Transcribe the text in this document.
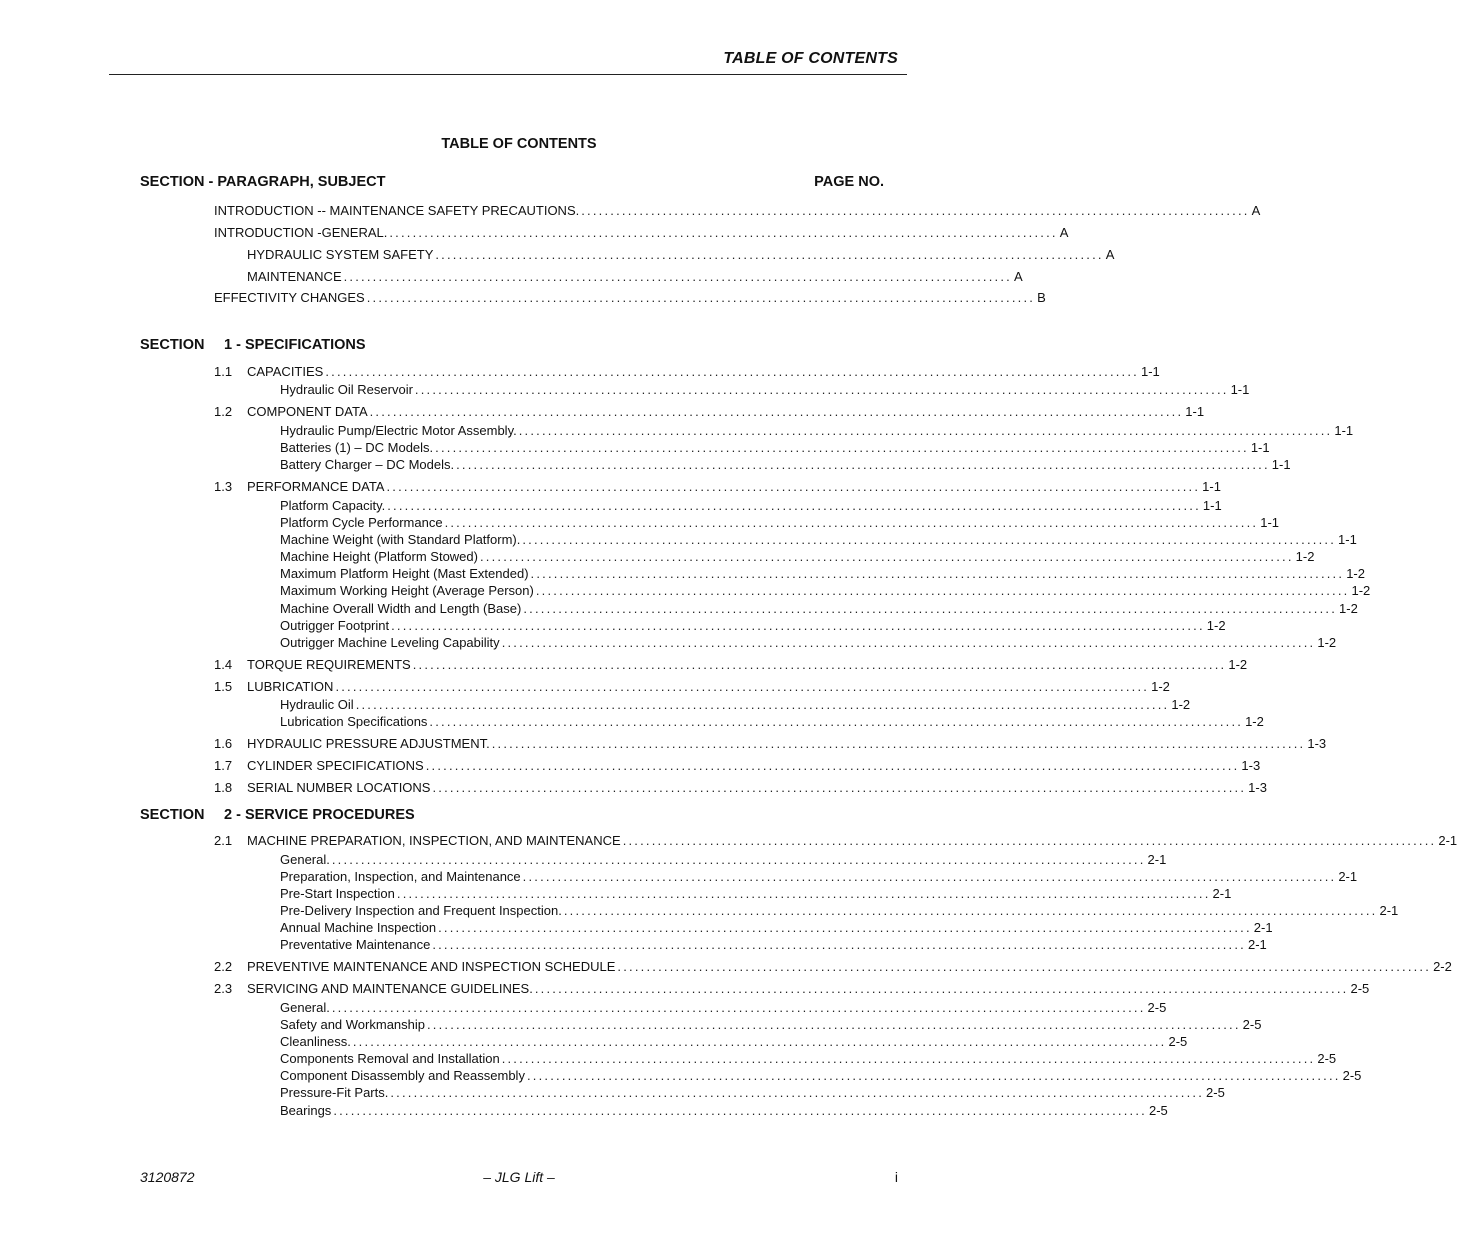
TABLE OF CONTENTS
TABLE OF CONTENTS
SECTION - PARAGRAPH, SUBJECT	PAGE NO.
INTRODUCTION -- MAINTENANCE SAFETY PRECAUTIONS. ................................................................................................................... A
INTRODUCTION -GENERAL. ................................................................................................................... A
HYDRAULIC SYSTEM SAFETY ................................................................................................................... A
MAINTENANCE ................................................................................................................... A
EFFECTIVITY CHANGES ................................................................................................................... B
SECTION 1 - SPECIFICATIONS
1.1	CAPACITIES ............................................................................................................................................ 1-1
Hydraulic Oil Reservoir ............................................................................................................................................ 1-1
1.2	COMPONENT DATA ............................................................................................................................................ 1-1
Hydraulic Pump/Electric Motor Assembly. ............................................................................................................................................ 1-1
Batteries (1) – DC Models. ............................................................................................................................................ 1-1
Battery Charger – DC Models. ............................................................................................................................................ 1-1
1.3	PERFORMANCE DATA ............................................................................................................................................ 1-1
Platform Capacity. ............................................................................................................................................ 1-1
Platform Cycle Performance ............................................................................................................................................ 1-1
Machine Weight (with Standard Platform). ............................................................................................................................................ 1-1
Machine Height (Platform Stowed) ............................................................................................................................................ 1-2
Maximum Platform Height (Mast Extended) ............................................................................................................................................ 1-2
Maximum Working Height (Average Person) ............................................................................................................................................ 1-2
Machine Overall Width and Length (Base) ............................................................................................................................................ 1-2
Outrigger Footprint ............................................................................................................................................ 1-2
Outrigger Machine Leveling Capability ............................................................................................................................................ 1-2
1.4	TORQUE REQUIREMENTS ............................................................................................................................................ 1-2
1.5	LUBRICATION ............................................................................................................................................ 1-2
Hydraulic Oil ............................................................................................................................................ 1-2
Lubrication Specifications ............................................................................................................................................ 1-2
1.6	HYDRAULIC PRESSURE ADJUSTMENT. ............................................................................................................................................ 1-3
1.7	CYLINDER SPECIFICATIONS ............................................................................................................................................ 1-3
1.8	SERIAL NUMBER LOCATIONS ............................................................................................................................................ 1-3
SECTION 2 - SERVICE PROCEDURES
2.1	MACHINE PREPARATION, INSPECTION, AND MAINTENANCE ............................................................................................................................................ 2-1
General. ............................................................................................................................................ 2-1
Preparation, Inspection, and Maintenance ............................................................................................................................................ 2-1
Pre-Start Inspection ............................................................................................................................................ 2-1
Pre-Delivery Inspection and Frequent Inspection. ............................................................................................................................................ 2-1
Annual Machine Inspection ............................................................................................................................................ 2-1
Preventative Maintenance ............................................................................................................................................ 2-1
2.2	PREVENTIVE MAINTENANCE AND INSPECTION SCHEDULE ............................................................................................................................................ 2-2
2.3	SERVICING AND MAINTENANCE GUIDELINES. ............................................................................................................................................ 2-5
General. ............................................................................................................................................ 2-5
Safety and Workmanship ............................................................................................................................................ 2-5
Cleanliness. ............................................................................................................................................ 2-5
Components Removal and Installation ............................................................................................................................................ 2-5
Component Disassembly and Reassembly ............................................................................................................................................ 2-5
Pressure-Fit Parts. ............................................................................................................................................ 2-5
Bearings ............................................................................................................................................ 2-5
3120872	– JLG Lift –	i
